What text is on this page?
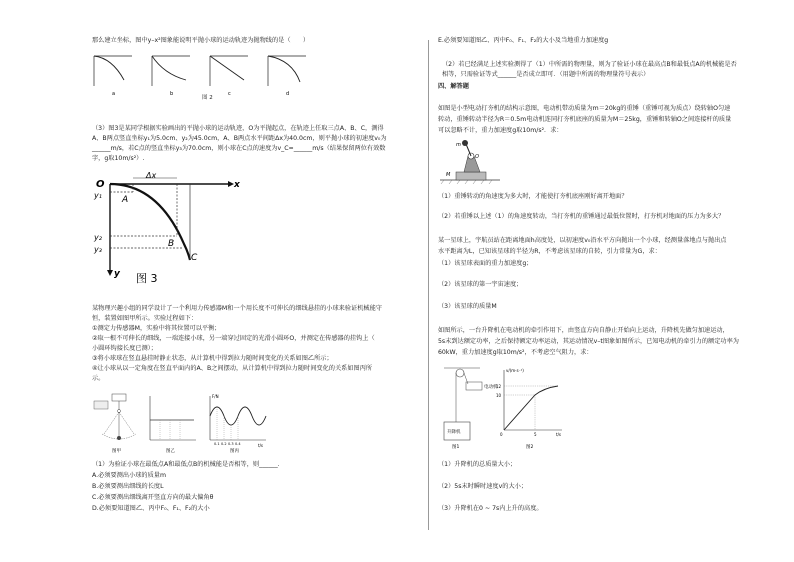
那么建立坐标，图中y–x²图象能说明平抛小球的运动轨迹为抛物线的是（　　）
a	b	c	d
图 2
（3）图3是某同学根据实验画出的平抛小球的运动轨迹，O为平抛起点，在轨迹上任取三点A、B、C，测得
A、B两点竖直坐标y₁为5.0cm、y₂为45.0cm，A、B两点水平间距Δx为40.0cm，则平抛小球的初速度v₀为
______m/s，若C点的竖直坐标y₃为70.0cm，则小球在C点的速度为v_C=______m/s（结果保留两位有效数
字，g取10m/s²）.
O
Δx
x
y
y₁
y₂
y₃
A
B
C
图 3
某物理兴趣小组的同学设计了一个利用力传感器M和一个用长度不可伸长的细线悬挂的小球来验证机械能守
恒，装置如图甲所示。实验过程如下：
①测定力传感器M，实验中将其位置可以平衡；
②取一根不可伸长的细线，一端连接小球，另一端穿过固定的光滑小圆环O，并测定在传感器的挂钩上（
小圆环钩接长度已测）；
③将小球球在竖直悬挂时静止状态，从计算机中得到拉力随时间变化的关系如图乙所示；
④让小球从以一定角度在竖直平面内的A、B之间摆动，从计算机中得到拉力随时间变化的关系如图丙所
示。
图甲	图乙
F/N
t/s
0.1 0.2 0.3 0.4
图丙
（1）为验证小球在最低点A和最低点B的机械能是否相等，则______．
A.必须要测出小球的质量m
B.必须要测出细线的长度L
C.必须要测出细线离开竖直方向的最大偏角θ
D.必须要知道图乙、丙中F₀、F₁、F₂的大小
E.必须要知道图乙、丙中F₀、F₁、F₂的大小及当地重力加速度g
（2）若已经满足上述实验测得了（1）中所需的物理量，则为了验证小球在最高点B和最低点A的机械能是否
相等，只需验证等式______是否成立即可．（用题中所需的物理量符号表示）
四、解答题
如图是小型电动打夯机的结构示意图，电动机带动质量为m＝20kg的重锤（重锤可视为质点）绕转轴O匀速
转动，重锤转动半径为R＝0.5m电动机连同打夯机底座的质量为M＝25kg，重锤和转轴O之间连接杆的质量
可以忽略不计，重力加速度g取10m/s²．求：
O
M
m
（1）重锤转动的角速度为多大时，才能使打夯机底座刚好离开地面？
（2）若重锤以上述（1）的角速度转动，当打夯机的重锤通过最低位置时，打夯机对地面的压力为多大？
某一星球上，宇航员站在距离地面h高度处，以初速度v₀沿水平方向抛出一个小球，经测量落地点与抛出点
水平距离为L，已知该星球的半径为R，不考虑该星球的自转，引力常量为G，求：
（1）该星球表面的重力加速度g；
（2）该星球的第一宇宙速度；
（3）该星球的质量M
如图所示，一台升降机在电动机的牵引作用下，由竖直方向自静止开始向上运动，升降机先做匀加速运动，
5s末到达额定功率，之后保持额定功率运动，其运动情况v–t图象如图所示，已知电动机的牵引力的额定功率为
60kW，重力加速度g取10m/s²，不考虑空气阻力，求：
电动机
升降机
图1
v/(m·s⁻¹)
t/s
12
10
5
0
图2
（1）升降机的总质量大小；
（2）5s末时瞬时速度v的大小；
（3）升降机在0 ~ 7s内上升的高度。
